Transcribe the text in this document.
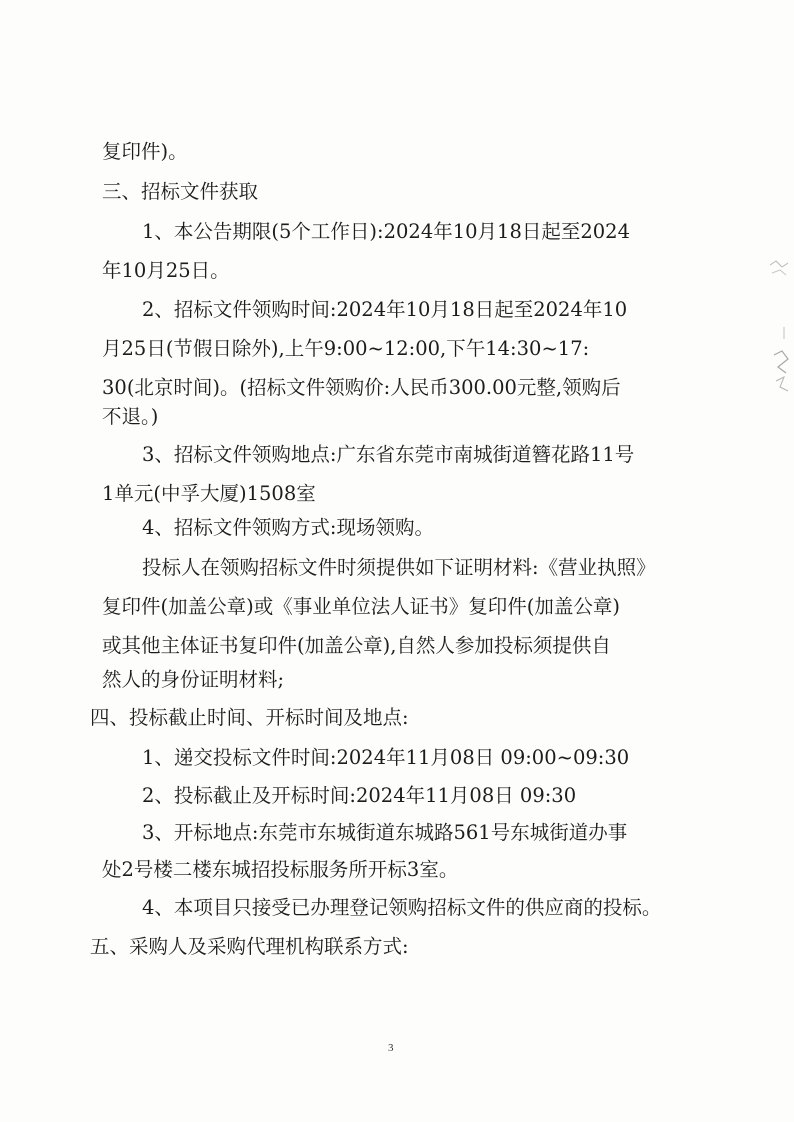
复印件)。
三、招标文件获取
1、本公告期限(5个工作日):2024年10月18日起至2024
年10月25日。
2、招标文件领购时间:2024年10月18日起至2024年10
月25日(节假日除外),上午9:00~12:00,下午14:30~17:
30(北京时间)。(招标文件领购价:人民币300.00元整,领购后
不退。)
3、招标文件领购地点:广东省东莞市南城街道簪花路11号
1单元(中孚大厦)1508室
4、招标文件领购方式:现场领购。
投标人在领购招标文件时须提供如下证明材料:《营业执照》
复印件(加盖公章)或《事业单位法人证书》复印件(加盖公章)
或其他主体证书复印件(加盖公章),自然人参加投标须提供自
然人的身份证明材料;
四、投标截止时间、开标时间及地点:
1、递交投标文件时间:2024年11月08日 09:00~09:30
2、投标截止及开标时间:2024年11月08日 09:30
3、开标地点:东莞市东城街道东城路561号东城街道办事
处2号楼二楼东城招投标服务所开标3室。
4、本项目只接受已办理登记领购招标文件的供应商的投标。
五、采购人及采购代理机构联系方式:
3
